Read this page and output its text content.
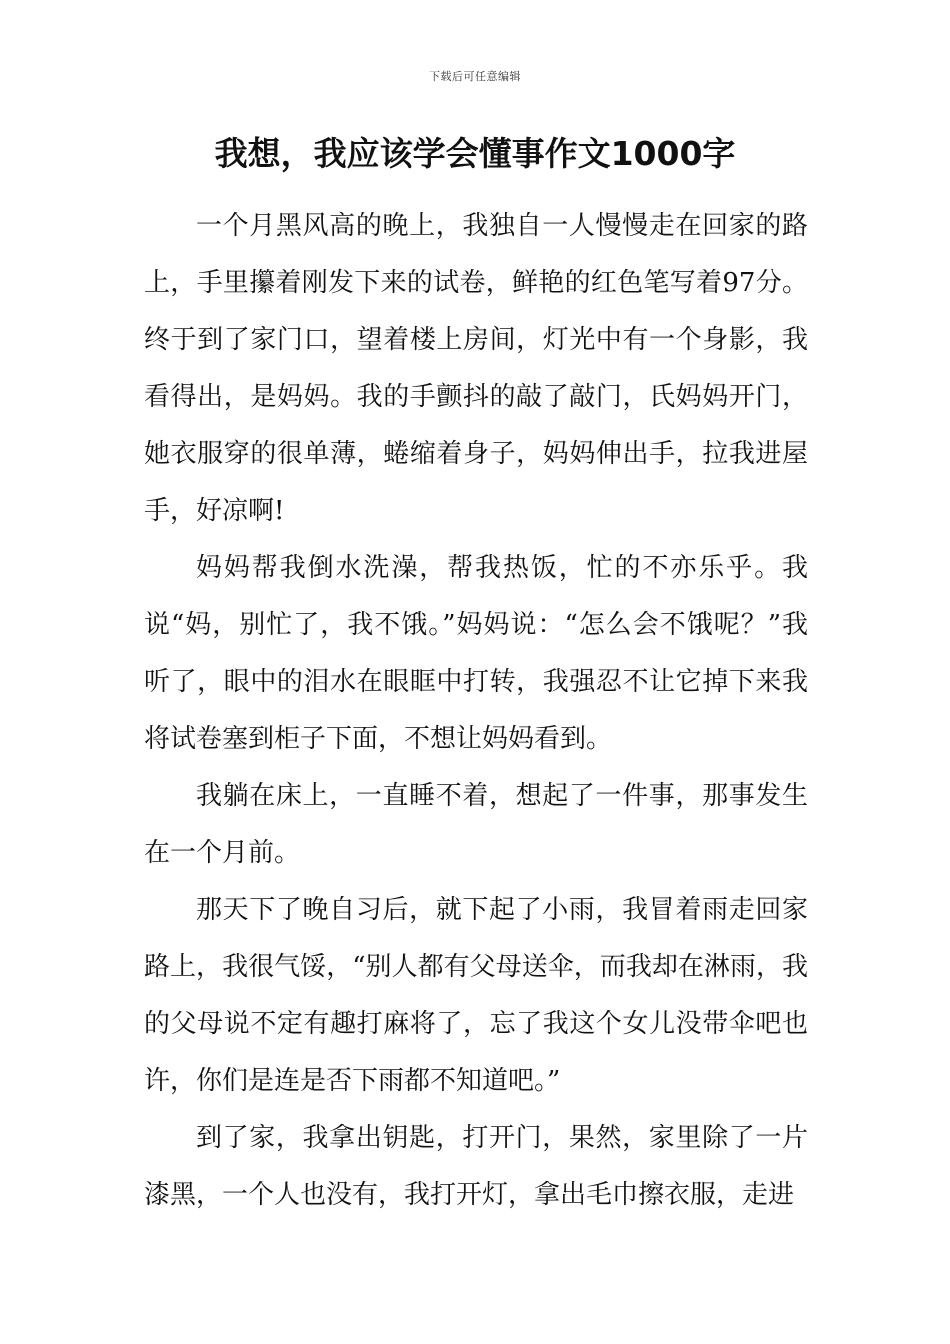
下载后可任意编辑
我想，我应该学会懂事作文1000字

一个月黑风高的晚上，我独自一人慢慢走在回家的路上，手里攥着刚发下来的试卷，鲜艳的红色笔写着97分。终于到了家门口，望着楼上房间，灯光中有一个身影，我看得出，是妈妈。我的手颤抖的敲了敲门，氏妈妈开门，她衣服穿的很单薄，蜷缩着身子，妈妈伸出手，拉我进屋手，好凉啊!

妈妈帮我倒水洗澡，帮我热饭，忙的不亦乐乎。我说“妈，别忙了，我不饿。”妈妈说：“怎么会不饿呢？”我听了，眼中的泪水在眼眶中打转，我强忍不让它掉下来我将试卷塞到柜子下面，不想让妈妈看到。

我躺在床上，一直睡不着，想起了一件事，那事发生在一个月前。

那天下了晚自习后，就下起了小雨，我冒着雨走回家路上，我很气馁，“别人都有父母送伞，而我却在淋雨，我的父母说不定有趣打麻将了，忘了我这个女儿没带伞吧也许，你们是连是否下雨都不知道吧。”

到了家，我拿出钥匙，打开门，果然，家里除了一片漆黑，一个人也没有，我打开灯，拿出毛巾擦衣服，走进
